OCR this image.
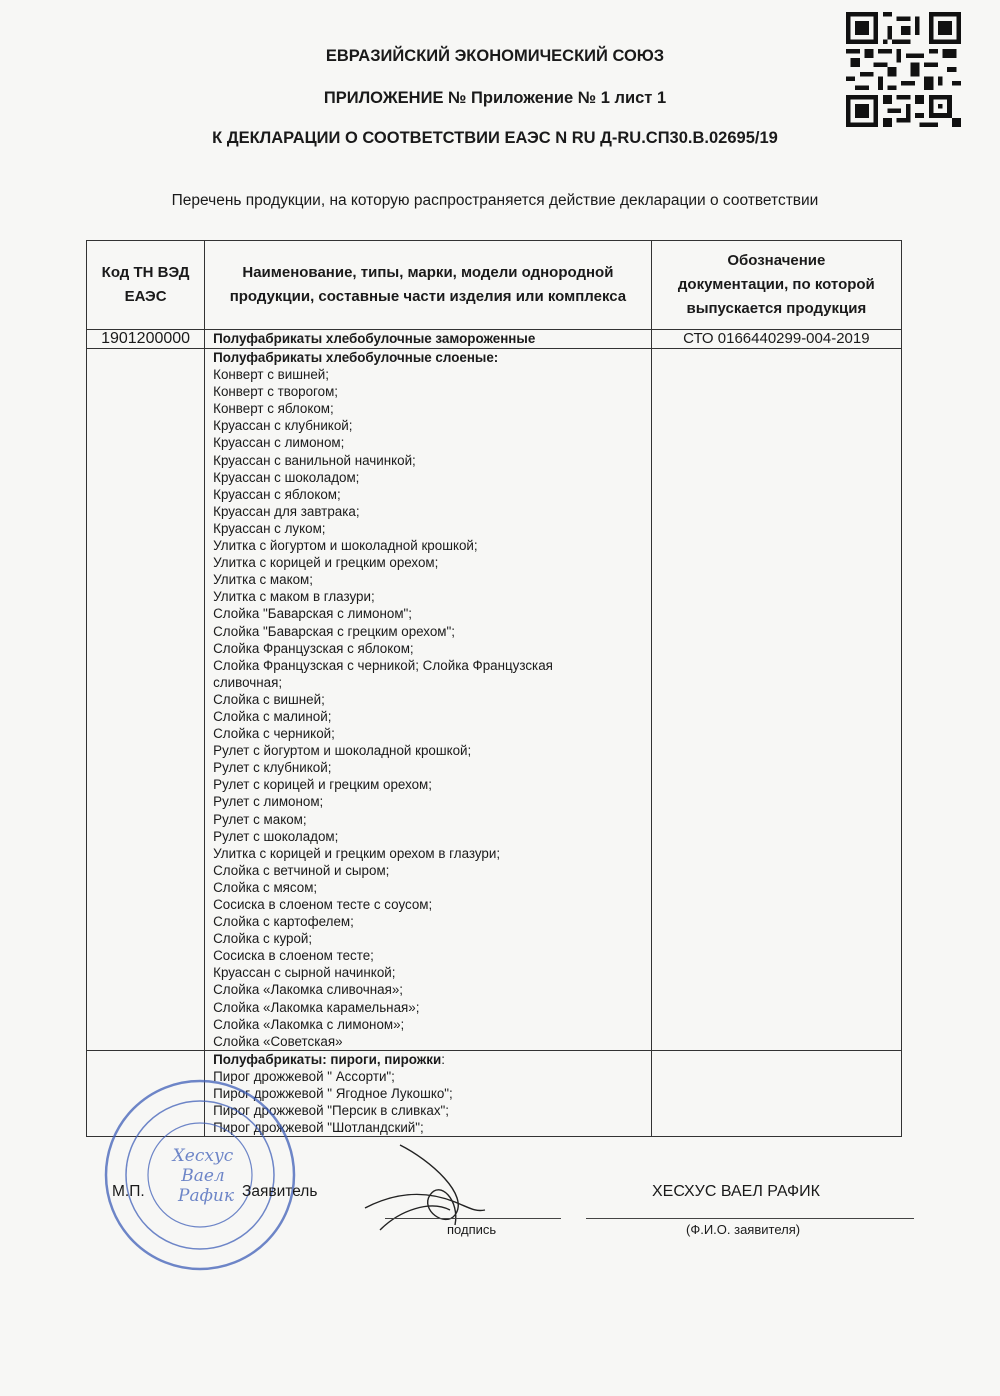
ЕВРАЗИЙСКИЙ ЭКОНОМИЧЕСКИЙ СОЮЗ
ПРИЛОЖЕНИЕ № Приложение № 1 лист 1
К ДЕКЛАРАЦИИ О СООТВЕТСТВИИ ЕАЭС N RU Д-RU.СП30.В.02695/19
Перечень продукции, на которую распространяется действие декларации о соответствии
Код ТН ВЭД
ЕАЭС

Наименование, типы, марки, модели однородной
продукции, составные части изделия или комплекса

Обозначение
документации, по которой
выпускается продукция

1901200000	Полуфабрикаты хлебобулочные замороженные	СТО 0166440299-004-2019

Полуфабрикаты хлебобулочные слоеные:
Конверт с вишней;
Конверт с творогом;
Конверт с яблоком;
Круассан с клубникой;
Круассан с лимоном;
Круассан с ванильной начинкой;
Круассан с шоколадом;
Круассан с яблоком;
Круассан для завтрака;
Круассан с луком;
Улитка с йогуртом и шоколадной крошкой;
Улитка с корицей и грецким орехом;
Улитка с маком;
Улитка с маком в глазури;
Слойка "Баварская с лимоном";
Слойка "Баварская с грецким орехом";
Слойка Французская с яблоком;
Слойка Французская с черникой; Слойка Французская сливочная;
Слойка с вишней;
Слойка с малиной;
Слойка с черникой;
Рулет с йогуртом и шоколадной крошкой;
Рулет с клубникой;
Рулет с корицей и грецким орехом;
Рулет с лимоном;
Рулет с маком;
Рулет с шоколадом;
Улитка с корицей и грецким орехом в глазури;
Слойка с ветчиной и сыром;
Слойка с мясом;
Сосиска в слоеном тесте с соусом;
Слойка с картофелем;
Слойка с курой;
Сосиска в слоеном тесте;
Круассан с сырной начинкой;
Слойка «Лакомка сливочная»;
Слойка «Лакомка карамельная»;
Слойка «Лакомка с лимоном»;
Слойка «Советская»

Полуфабрикаты: пироги, пирожки:
Пирог дрожжевой " Ассорти";
Пирог дрожжевой " Ягодное Лукошко";
Пирог дрожжевой "Персик в сливках";
Пирог дрожжевой "Шотландский";

Хесхус
Ваел
Рафик
М.П.	Заявитель	ХЕСХУС ВАЕЛ РАФИК
подпись	(Ф.И.О. заявителя)
